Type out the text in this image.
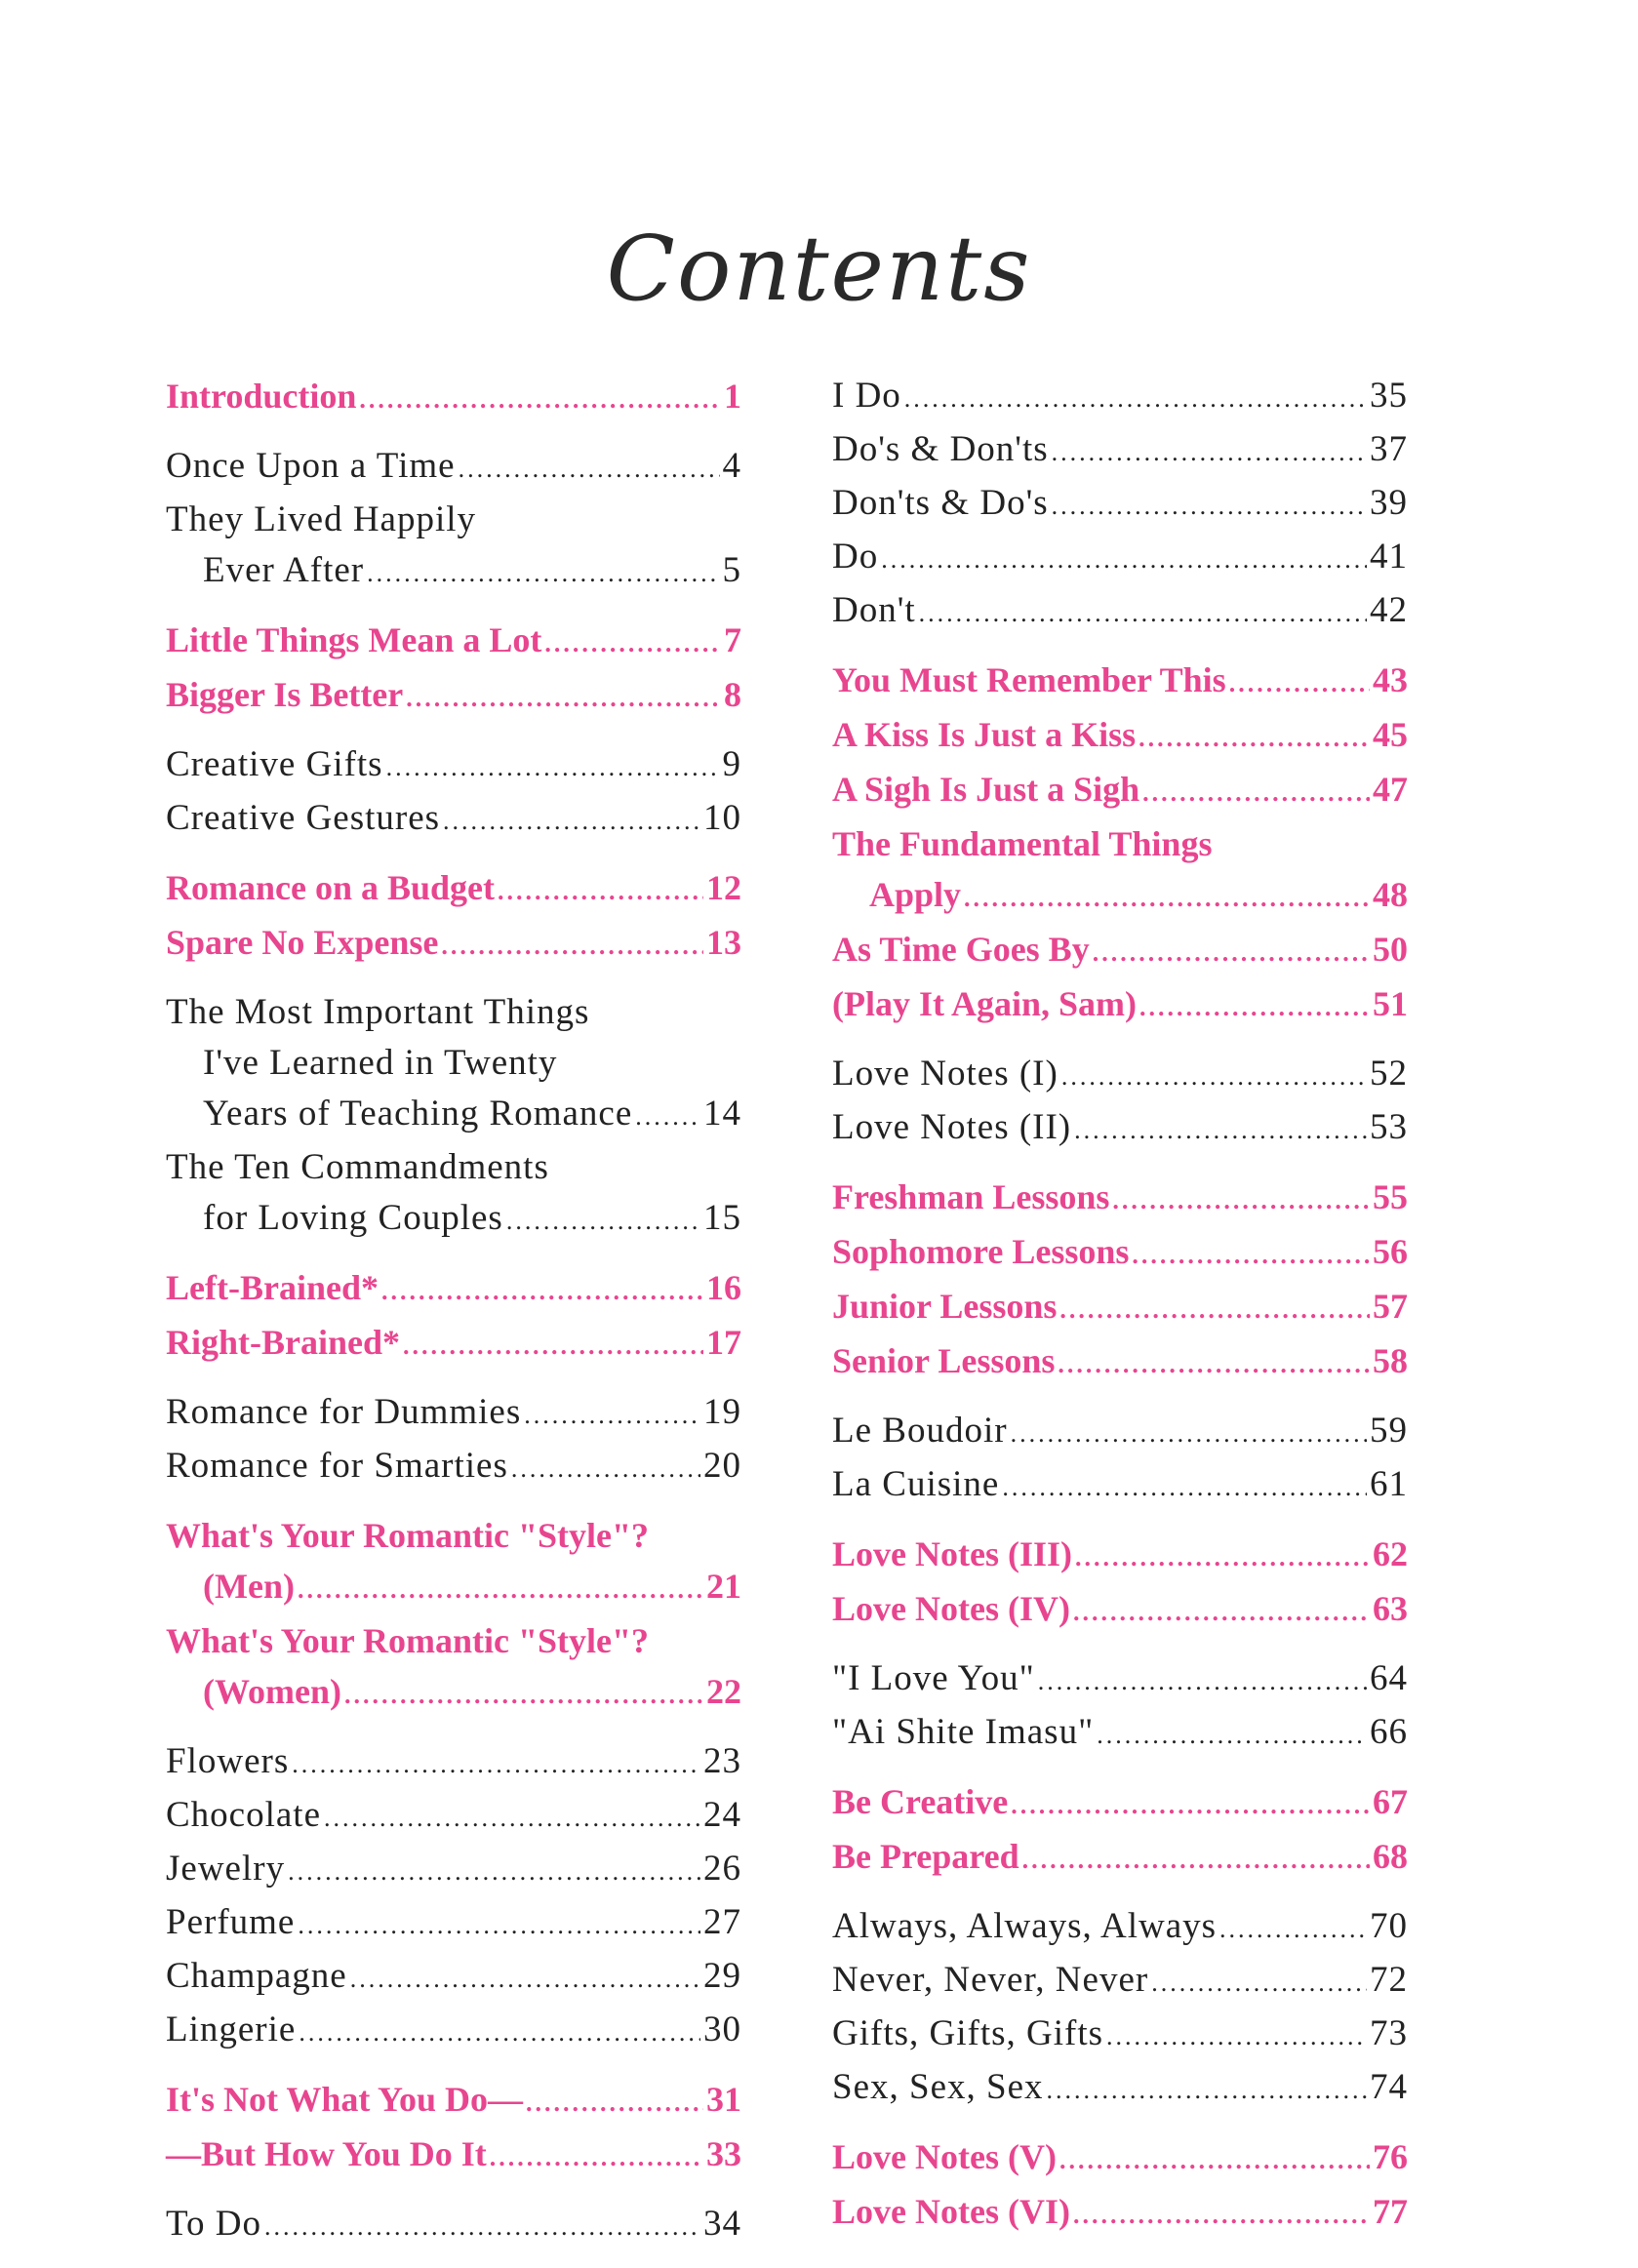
Contents
Introduction .....	1
Once Upon a Time .....	4
They Lived Happily
Ever After .....	5
Little Things Mean a Lot .....	7
Bigger Is Better .....	8
Creative Gifts .....	9
Creative Gestures .....	10
Romance on a Budget .....	12
Spare No Expense .....	13
The Most Important Things
I've Learned in Twenty
Years of Teaching Romance ..... 14
The Ten Commandments
for Loving Couples .....	15
Left-Brained* .....	16
Right-Brained* .....	17
Romance for Dummies .....	19
Romance for Smarties .....	20
What's Your Romantic "Style"?
(Men) .....	21
What's Your Romantic "Style"?
(Women) .....	22
Flowers .....	23
Chocolate .....	24
Jewelry .....	26
Perfume .....	27
Champagne .....	29
Lingerie .....	30
It's Not What You Do— .....	31
—But How You Do It .....	33
To Do .....	34
I Do .....	35
Do's & Don'ts .....	37
Don'ts & Do's .....	39
Do .....	41
Don't .....	42
You Must Remember This .....	43
A Kiss Is Just a Kiss .....	45
A Sigh Is Just a Sigh .....	47
The Fundamental Things
Apply .....	48
As Time Goes By .....	50
(Play It Again, Sam) .....	51
Love Notes (I) .....	52
Love Notes (II) .....	53
Freshman Lessons .....	55
Sophomore Lessons .....	56
Junior Lessons .....	57
Senior Lessons .....	58
Le Boudoir .....	59
La Cuisine .....	61
Love Notes (III) .....	62
Love Notes (IV) .....	63
"I Love You" .....	64
"Ai Shite Imasu" .....	66
Be Creative .....	67
Be Prepared .....	68
Always, Always, Always .....	70
Never, Never, Never .....	72
Gifts, Gifts, Gifts .....	73
Sex, Sex, Sex .....	74
Love Notes (V) .....	76
Love Notes (VI) .....	77
